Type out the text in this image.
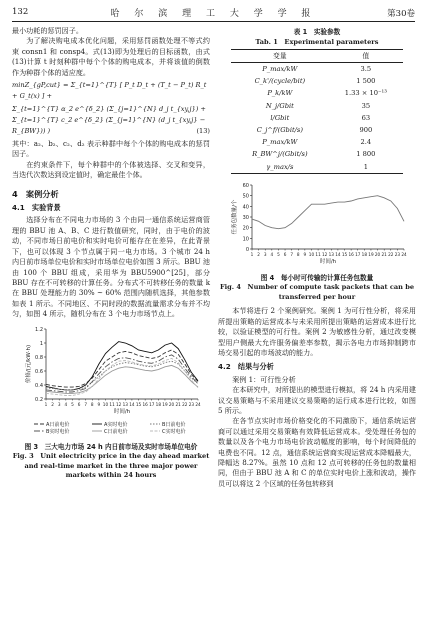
132	哈 尔 滨 理 工 大 学 学 报	第30卷

最小功耗的惩罚因子。

为了解决购电成本优化问题，采用惩罚函数处理不等式约束 consn1 和 consp4。式(13)即为处理后的目标函数，由式(13)计算 t 时刻种群中每个个体的购电成本，并将该值的倒数作为种群个体的适应度。

minZ_{gP,cut} = Σ_{t=1}^{T} [ P_t D_t + (T_t − P_t) R_t + G_t(x) ] +
Σ_{t=1}^{T} α_2 e^{δ_2} (Σ_{j=1}^{N} d_j t_{xy,j}) + Σ_{t=1}^{T} c_2 e^{δ_2} (Σ_{j=1}^{N} (d_j t_{xy,j} − R_{BW})) )	(13)

其中：a₂、b₂、c₂、d₂ 表示种群中每个个体的购电成本的惩罚因子。

在约束条件下，每个种群中的个体被选择、交叉和变异，当迭代次数达到设定值时，确定最佳个体。

4　案例分析
4.1　实验背景

选择分布在不同电力市场的 3 个由同一通信系统运营商管理的 BBU 池 A、B、C 进行数值研究，同时，由于电价的波动，不同市场日前电价和实时电价可能存在在差异，在此背景下，也可以体现 3 个节点属于同一电力市场。3 个城市 24 h 内日前市场单位电价和实时市场单位电价如图 3 所示。BBU 池由 100 个 BBU 组成，采用华为 BBU5900^[25]，部分 BBU 存在不可转移的计算任务。分布式不可转移任务的数量 k 在 BBU 处理能力的 30% ~ 60% 范围内随机选择，其他参数如表 1 所示。不同地区、不同时段的数据流量需求分布并不均匀，如图 4 所示，随机分布在 3 个电力市场节点上。

0.2
0.4
0.6
0.8
1
1.2
1 2 3 4 5 6 7 8 9 10 11 12 13 14 15 16 17 18 19 20 21 22 23 24
时间/h
价格/(元/kW·h)
A日前电价	A实时电价	B日前电价
B实时电价	C日前电价	C实时电价
图 3　三大电力市场 24 h 内日前市场及实时市场单位电价
Fig. 3　Unit electricity price in the day ahead market and real-time market in the three major power markets within 24 hours
表 1　实验参数
Tab. 1　Experimental parameters
变量	值
P_max/kW	3.5
C_k'/(cycle/bit)	1 500
P_k/kW	1.33 × 10⁻¹³
N_j/Gbit	35
l/Gbit	63
C_j^f/(Gbit/s)	900
P_max/kW	2.4
R_BW^j/(Gbit/s)	1 800
γ_max/s	1
0
10
20
30
40
50
60
1 2 3 4 5 6 7 8 9 10 11 12 13 14 15 16 17 18 19 20 21 22 23 24
时间/h
任务包数量/个
图 4　每小时可传输的计算任务包数量
Fig. 4　Number of compute task packets that can be transferred per hour

本节将进行 2 个案例研究。案例 1 为可行性分析，将采用所提出策略的运营成本与未采用所提出策略的运营成本进行比较，以验证模型的可行性。案例 2 为敏感性分析，通过改变模型用户侧最大允许服务偏差率参数，揭示各电力市场抑制跨市场交易引起的市场波动的能力。

4.2　结果与分析

案例 1：可行性分析

在本研究中，对所提出的模型进行模拟，将 24 h 内采用建议交易策略与不采用建议交易策略的运行成本进行比较，如图 5 所示。

在各节点实时市场价格变化的不同激励下，通信系统运营商可以通过采用交易策略有效降低运营成本。受处理任务包的数量以及各个电力市场电价波动幅度的影响，每个时间降低的电费也不同。12 点，通信系统运营商实现运营成本降幅最大，降幅达 8.27%。虽然 10 点和 12 点可转移的任务包的数量相同，但由于 BBU 池 A 和 C 的单位实时电价上涨和波动，操作员可以将这 2 个区域的任务包转移到
